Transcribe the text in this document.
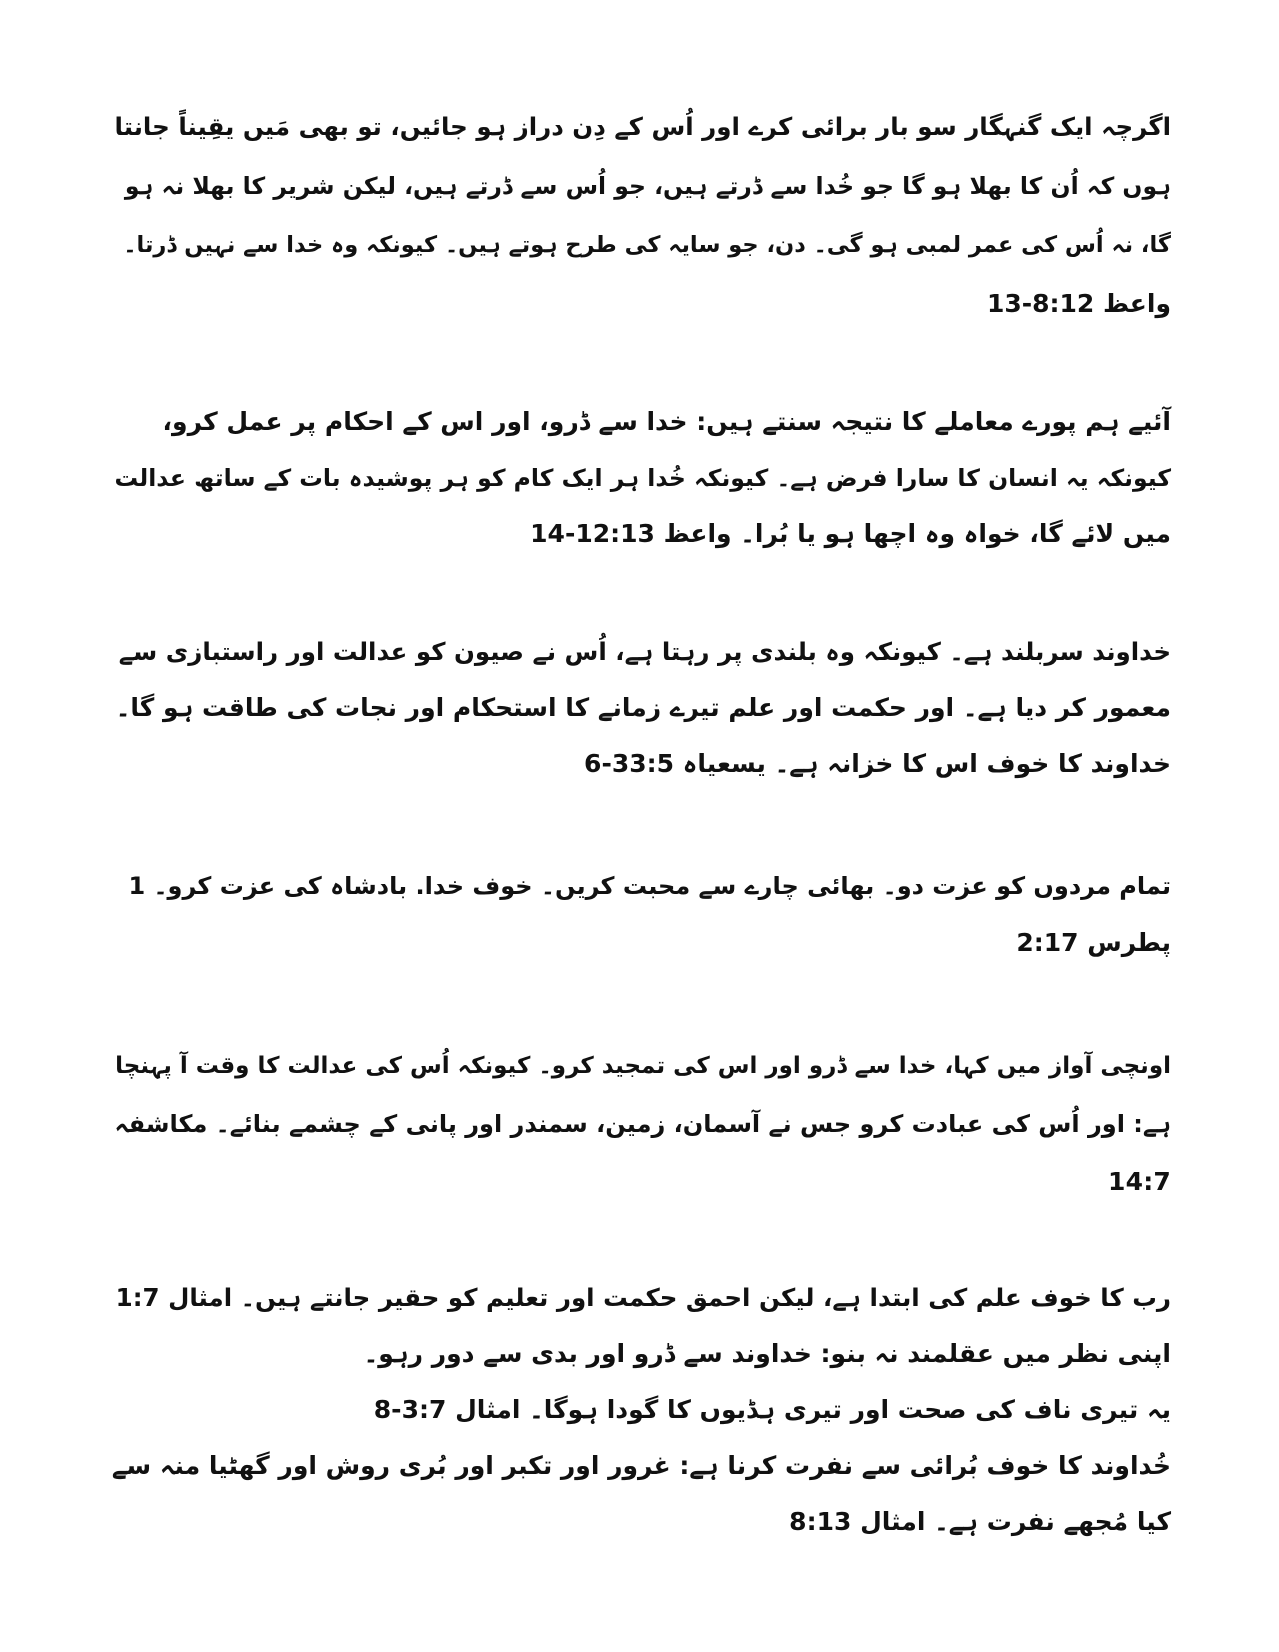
اگرچہ ایک گنہگار سو بار برائی کرے اور اُس کے دِن دراز ہو جائیں، تو بھی مَیں یقِیناً جانتا
ہوں کہ اُن کا بھلا ہو گا جو خُدا سے ڈرتے ہیں، جو اُس سے ڈرتے ہیں، لیکن شریر کا بھلا نہ ہو
گا، نہ اُس کی عمر لمبی ہو گی۔ دن، جو سایہ کی طرح ہوتے ہیں۔ کیونکہ وہ خدا سے نہیں ڈرتا۔
واعظ 8:12-13
آئیے ہم پورے معاملے کا نتیجہ سنتے ہیں: خدا سے ڈرو، اور اس کے احکام پر عمل کرو،
کیونکہ یہ انسان کا سارا فرض ہے۔ کیونکہ خُدا ہر ایک کام کو ہر پوشیدہ بات کے ساتھ عدالت
میں لائے گا، خواہ وہ اچھا ہو یا بُرا۔ واعظ 12:13-14
خداوند سربلند ہے۔ کیونکہ وہ بلندی پر رہتا ہے، اُس نے صیون کو عدالت اور راستبازی سے
معمور کر دیا ہے۔ اور حکمت اور علم تیرے زمانے کا استحکام اور نجات کی طاقت ہو گا۔
خداوند کا خوف اس کا خزانہ ہے۔ یسعیاہ 33:5-6
تمام مردوں کو عزت دو۔ بھائی چارے سے محبت کریں۔ خوف خدا. بادشاہ کی عزت کرو۔ 1
پطرس 2:17
اونچی آواز میں کہا، خدا سے ڈرو اور اس کی تمجید کرو۔ کیونکہ اُس کی عدالت کا وقت آ پہنچا
ہے: اور اُس کی عبادت کرو جس نے آسمان، زمین، سمندر اور پانی کے چشمے بنائے۔ مکاشفہ
14:7
رب کا خوف علم کی ابتدا ہے، لیکن احمق حکمت اور تعلیم کو حقیر جانتے ہیں۔ امثال 1:7
اپنی نظر میں عقلمند نہ بنو: خداوند سے ڈرو اور بدی سے دور رہو۔
یہ تیری ناف کی صحت اور تیری ہڈیوں کا گودا ہوگا۔ امثال 3:7-8
خُداوند کا خوف بُرائی سے نفرت کرنا ہے: غرور اور تکبر اور بُری روش اور گھٹیا منہ سے
کیا مُجھے نفرت ہے۔ امثال 8:13
